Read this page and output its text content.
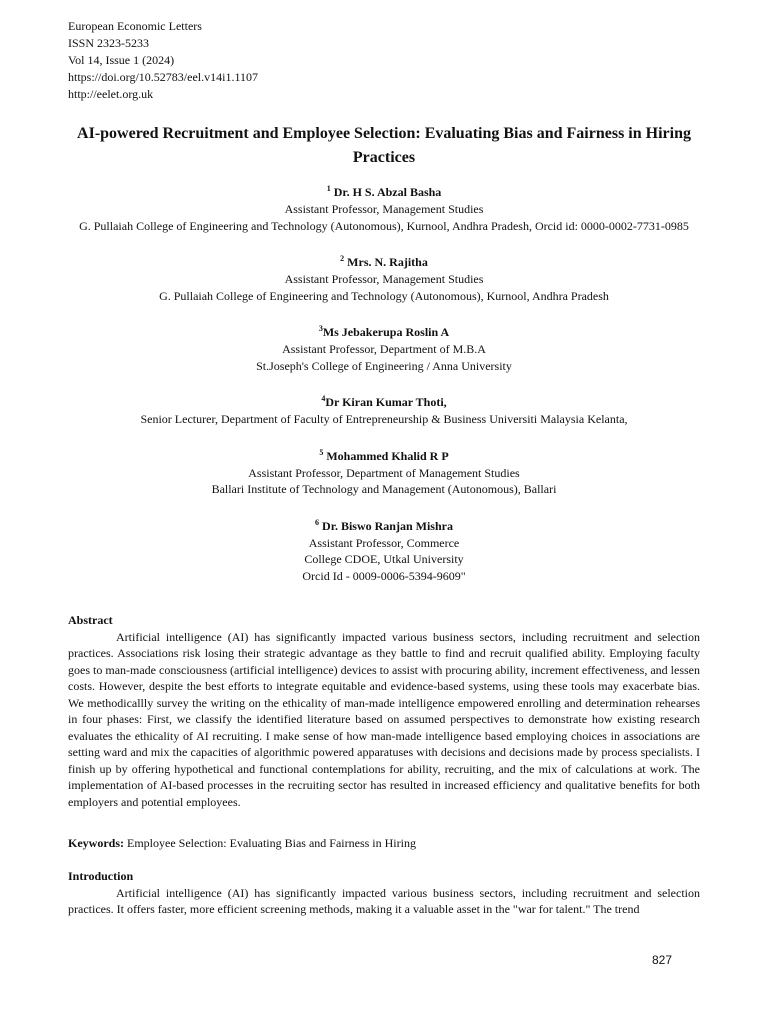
European Economic Letters
ISSN 2323-5233
Vol 14, Issue 1 (2024)
https://doi.org/10.52783/eel.v14i1.1107
http://eelet.org.uk
AI-powered Recruitment and Employee Selection: Evaluating Bias and Fairness in Hiring Practices
$^1$ Dr. H S. Abzal Basha
Assistant Professor, Management Studies
G. Pullaiah College of Engineering and Technology (Autonomous), Kurnool, Andhra Pradesh, Orcid id: 0000-0002-7731-0985
$^2$ Mrs. N. Rajitha
Assistant Professor, Management Studies
G. Pullaiah College of Engineering and Technology (Autonomous), Kurnool, Andhra Pradesh
$^3$Ms Jebakerupa Roslin A
Assistant Professor, Department of M.B.A
St.Joseph's College of Engineering / Anna University
$^4$Dr Kiran Kumar Thoti,
Senior Lecturer, Department of Faculty of Entrepreneurship & Business Universiti Malaysia Kelanta,
$^5$ Mohammed Khalid R P
Assistant Professor, Department of Management Studies
Ballari Institute of Technology and Management (Autonomous), Ballari
$^6$ Dr. Biswo Ranjan Mishra
Assistant Professor, Commerce
College CDOE, Utkal University
Orcid Id - 0009-0006-5394-9609"
Abstract
Artificial intelligence (AI) has significantly impacted various business sectors, including recruitment and selection practices. Associations risk losing their strategic advantage as they battle to find and recruit qualified ability. Employing faculty goes to man-made consciousness (artificial intelligence) devices to assist with procuring ability, increment effectiveness, and lessen costs. However, despite the best efforts to integrate equitable and evidence-based systems, using these tools may exacerbate bias. We methodicallly survey the writing on the ethicality of man-made intelligence empowered enrolling and determination rehearses in four phases: First, we classify the identified literature based on assumed perspectives to demonstrate how existing research evaluates the ethicality of AI recruiting. I make sense of how man-made intelligence based employing choices in associations are setting ward and mix the capacities of algorithmic powered apparatuses with decisions and decisions made by process specialists. I finish up by offering hypothetical and functional contemplations for ability, recruiting, and the mix of calculations at work. The implementation of AI-based processes in the recruiting sector has resulted in increased efficiency and qualitative benefits for both employers and potential employees.
Keywords: Employee Selection: Evaluating Bias and Fairness in Hiring
Introduction
Artificial intelligence (AI) has significantly impacted various business sectors, including recruitment and selection practices. It offers faster, more efficient screening methods, making it a valuable asset in the "war for talent." The trend
827
